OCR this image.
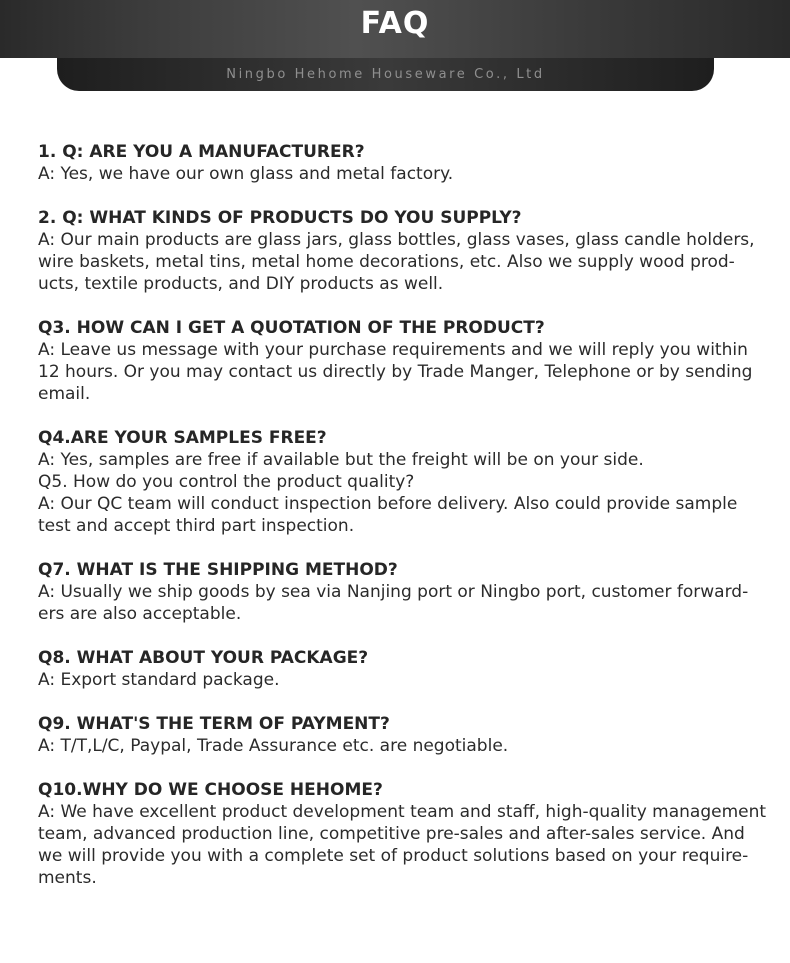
FAQ
Ningbo Hehome Houseware Co., Ltd
1. Q: ARE YOU A MANUFACTURER?
A: Yes, we have our own glass and metal factory.
2. Q: WHAT KINDS OF PRODUCTS DO YOU SUPPLY?
A: Our main products are glass jars, glass bottles, glass vases, glass candle holders,
wire baskets, metal tins, metal home decorations, etc. Also we supply wood prod-
ucts, textile products, and DIY products as well.
Q3. HOW CAN I GET A QUOTATION OF THE PRODUCT?
A: Leave us message with your purchase requirements and we will reply you within
12 hours. Or you may contact us directly by Trade Manger, Telephone or by sending
email.
Q4.ARE YOUR SAMPLES FREE?
A: Yes, samples are free if available but the freight will be on your side.
Q5. How do you control the product quality?
A: Our QC team will conduct inspection before delivery. Also could provide sample
test and accept third part inspection.
Q7. WHAT IS THE SHIPPING METHOD?
A: Usually we ship goods by sea via Nanjing port or Ningbo port, customer forward-
ers are also acceptable.
Q8. WHAT ABOUT YOUR PACKAGE?
A: Export standard package.
Q9. WHAT'S THE TERM OF PAYMENT?
A: T/T,L/C, Paypal, Trade Assurance etc. are negotiable.
Q10.WHY DO WE CHOOSE HEHOME?
A: We have excellent product development team and staff, high-quality management
team, advanced production line, competitive pre-sales and after-sales service. And
we will provide you with a complete set of product solutions based on your require-
ments.
